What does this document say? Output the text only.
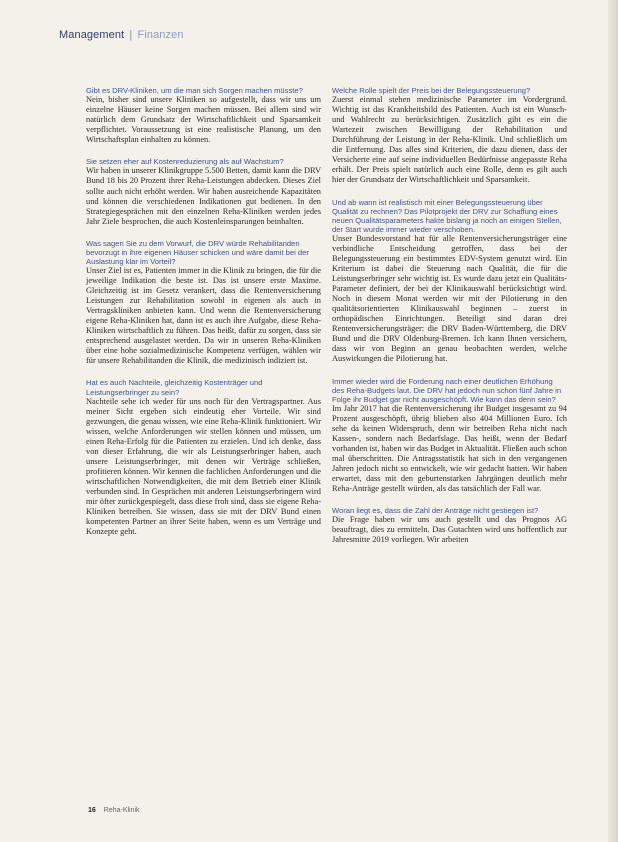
Management | Finanzen

Gibt es DRV-Kliniken, um die man sich Sorgen machen müsste?

Nein, bisher sind unsere Kliniken so aufgestellt, dass wir uns um einzelne Häuser keine Sorgen machen müssen. Bei allem sind wir natürlich dem Grundsatz der Wirtschaftlichkeit und Sparsamkeit verpflichtet. Voraussetzung ist eine realistische Planung, um den Wirtschaftsplan einhalten zu können.

Sie setzen eher auf Kostenreduzierung als auf Wachstum?

Wir haben in unserer Klinikgruppe 5.500 Betten, damit kann die DRV Bund 18 bis 20 Prozent ihrer Reha-Leistungen abdecken. Dieses Ziel sollte auch nicht erhöht werden. Wir haben ausreichende Kapazitäten und können die verschiedenen Indikationen gut bedienen. In den Strategiegesprächen mit den einzelnen Reha-Kliniken werden jedes Jahr Ziele besprochen, die auch Kostenleinsparungen beinhalten.

Was sagen Sie zu dem Vorwurf, die DRV würde Rehabilitanden bevorzugt in ihre eigenen Häuser schicken und wäre damit bei der Auslastung klar im Vorteil?

Unser Ziel ist es, Patienten immer in die Klinik zu bringen, die für die jeweilige Indikation die beste ist. Das ist unsere erste Maxime. Gleichzeitig ist im Gesetz verankert, dass die Rentenversicherung Leistungen zur Rehabilitation sowohl in eigenen als auch in Vertragskliniken anbieten kann. Und wenn die Rentenversicherung eigene Reha-Kliniken hat, dann ist es auch ihre Aufgabe, diese Reha-Kliniken wirtschaftlich zu führen. Das heißt, dafür zu sorgen, dass sie entsprechend ausgelastet werden. Da wir in unseren Reha-Kliniken über eine hohe sozialmedizinische Kompetenz verfügen, wählen wir für unsere Rehabilitanden die Klinik, die medizinisch indiziert ist.

Hat es auch Nachteile, gleichzeitig Kostenträger und Leistungserbringer zu sein?

Nachteile sehe ich weder für uns noch für den Vertragspartner. Aus meiner Sicht ergeben sich eindeutig eher Vorteile. Wir sind gezwungen, die genau wissen, wie eine Reha-Klinik funktioniert. Wir wissen, welche Anforderungen wir stellen können und müssen, um einen Reha-Erfolg für die Patienten zu erzielen. Und ich denke, dass von dieser Erfahrung, die wir als Leistungserbringer haben, auch unsere Leistungserbringer, mit denen wir Verträge schließen, profitieren können. Wir kennen die fachlichen Anforderungen und die wirtschaftlichen Notwendigkeiten, die mit dem Betrieb einer Klinik verbunden sind. In Gesprächen mit anderen Leistungserbringern wird mir öfter zurückgespiegelt, dass diese froh sind, dass sie eigene Reha-Kliniken betreiben. Sie wissen, dass sie mit der DRV Bund einen kompetenten Partner an ihrer Seite haben, wenn es um Verträge und Konzepte geht.

Welche Rolle spielt der Preis bei der Belegungssteuerung?

Zuerst einmal stehen medizinische Parameter im Vordergrund. Wichtig ist das Krankheitsbild des Patienten. Auch ist ein Wunsch- und Wahlrecht zu berücksichtigen. Zusätzlich gibt es ein die Wartezeit zwischen Bewilligung der Rehabilitation und Durchführung der Leistung in der Reha-Klinik. Und schließlich um die Entfernung. Das alles sind Kriterien, die dazu dienen, dass der Versicherte eine auf seine individuellen Bedürfnisse angepasste Reha erhält. Der Preis spielt natürlich auch eine Rolle, denn es gilt auch hier der Grundsatz der Wirtschaftlichkeit und Sparsamkeit.

Und ab wann ist realistisch mit einer Belegungssteuerung über Qualität zu rechnen? Das Pilotprojekt der DRV zur Schaffung eines neuen Qualitätsparameters hakte bislang ja noch an einigen Stellen, der Start wurde immer wieder verschoben.

Unser Bundesvorstand hat für alle Rentenversicherungsträger eine verbindliche Entscheidung getroffen, dass bei der Belegungssteuerung ein bestimmtes EDV-System genutzt wird. Ein Kriterium ist dabei die Steuerung nach Qualität, die für die Leistungserbringer sehr wichtig ist. Es wurde dazu jetzt ein Qualitäts-Parameter definiert, der bei der Klinikauswahl berücksichtigt wird. Noch in diesem Monat werden wir mit der Pilotierung in den qualitätsorientierten Klinikauswahl beginnen – zuerst in orthopädischen Einrichtungen. Beteiligt sind daran drei Rentenversicherungsträger: die DRV Baden-Württemberg, die DRV Bund und die DRV Oldenburg-Bremen. Ich kann Ihnen versichern, dass wir von Beginn an genau beobachten werden, welche Auswirkungen die Pilotierung hat.

Immer wieder wird die Forderung nach einer deutlichen Erhöhung des Reha-Budgets laut. Die DRV hat jedoch nun schon fünf Jahre in Folge ihr Budget gar nicht ausgeschöpft. Wie kann das denn sein?

Im Jahr 2017 hat die Rentenversicherung ihr Budget insgesamt zu 94 Prozent ausgeschöpft, übrig blieben also 404 Millionen Euro. Ich sehe da keinen Widerspruch, denn wir betreiben Reha nicht nach Kassen-, sondern nach Bedarfslage. Das heißt, wenn der Bedarf vorhanden ist, haben wir das Budget in Aktualität. Fließen auch schon mal überschritten. Die Antragsstatistik hat sich in den vergangenen Jahren jedoch nicht so entwickelt, wie wir gedacht hatten. Wir haben erwartet, dass mit den geburtenstarken Jahrgängen deutlich mehr Reha-Anträge gestellt würden, als das tatsächlich der Fall war.

Woran liegt es, dass die Zahl der Anträge nicht gestiegen ist?

Die Frage haben wir uns auch gestellt und das Prognos AG beauftragt, dies zu ermitteln. Das Gutachten wird uns hoffentlich zur Jahresmitte 2019 vorliegen. Wir arbeiten

16 Reha-Klinik
